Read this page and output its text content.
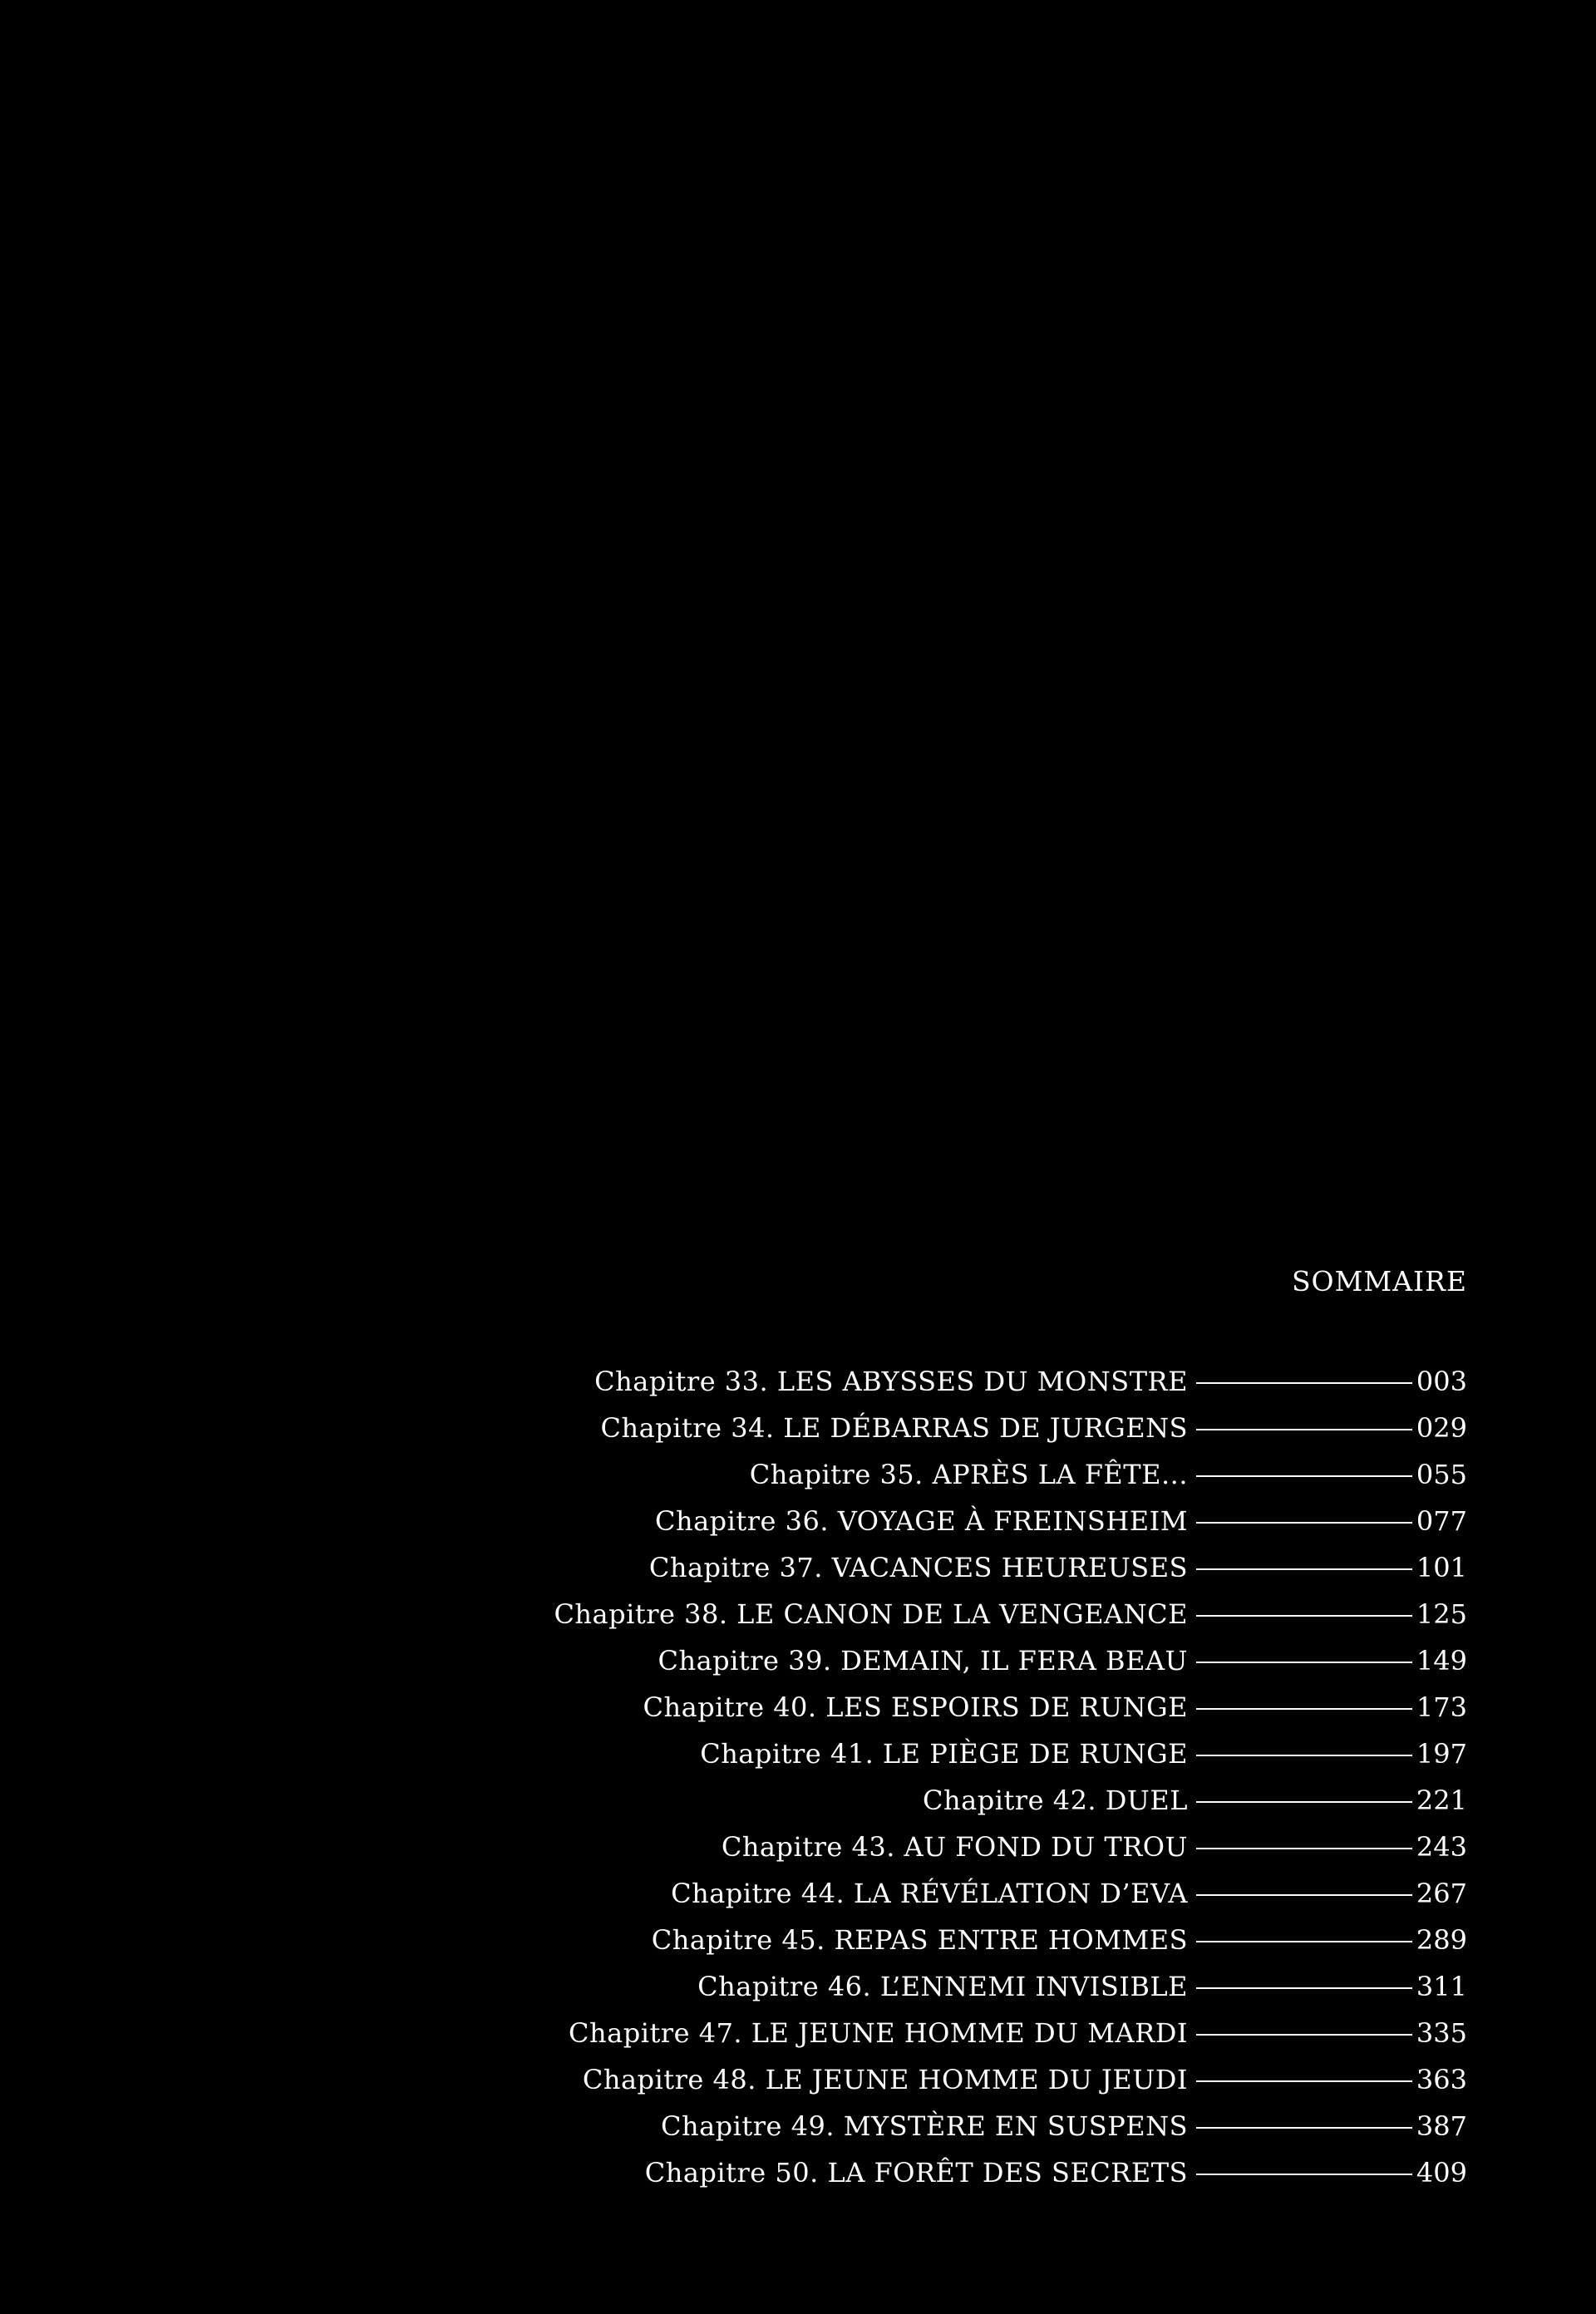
SOMMAIRE
Chapitre 33. LES ABYSSES DU MONSTRE	003
Chapitre 34. LE DÉBARRAS DE JURGENS	029
Chapitre 35. APRÈS LA FÊTE...	055
Chapitre 36. VOYAGE À FREINSHEIM	077
Chapitre 37. VACANCES HEUREUSES	101
Chapitre 38. LE CANON DE LA VENGEANCE	125
Chapitre 39. DEMAIN, IL FERA BEAU	149
Chapitre 40. LES ESPOIRS DE RUNGE	173
Chapitre 41. LE PIÈGE DE RUNGE	197
Chapitre 42. DUEL	221
Chapitre 43. AU FOND DU TROU	243
Chapitre 44. LA RÉVÉLATION D’EVA	267
Chapitre 45. REPAS ENTRE HOMMES	289
Chapitre 46. L’ENNEMI INVISIBLE	311
Chapitre 47. LE JEUNE HOMME DU MARDI	335
Chapitre 48. LE JEUNE HOMME DU JEUDI	363
Chapitre 49. MYSTÈRE EN SUSPENS	387
Chapitre 50. LA FORÊT DES SECRETS	409
